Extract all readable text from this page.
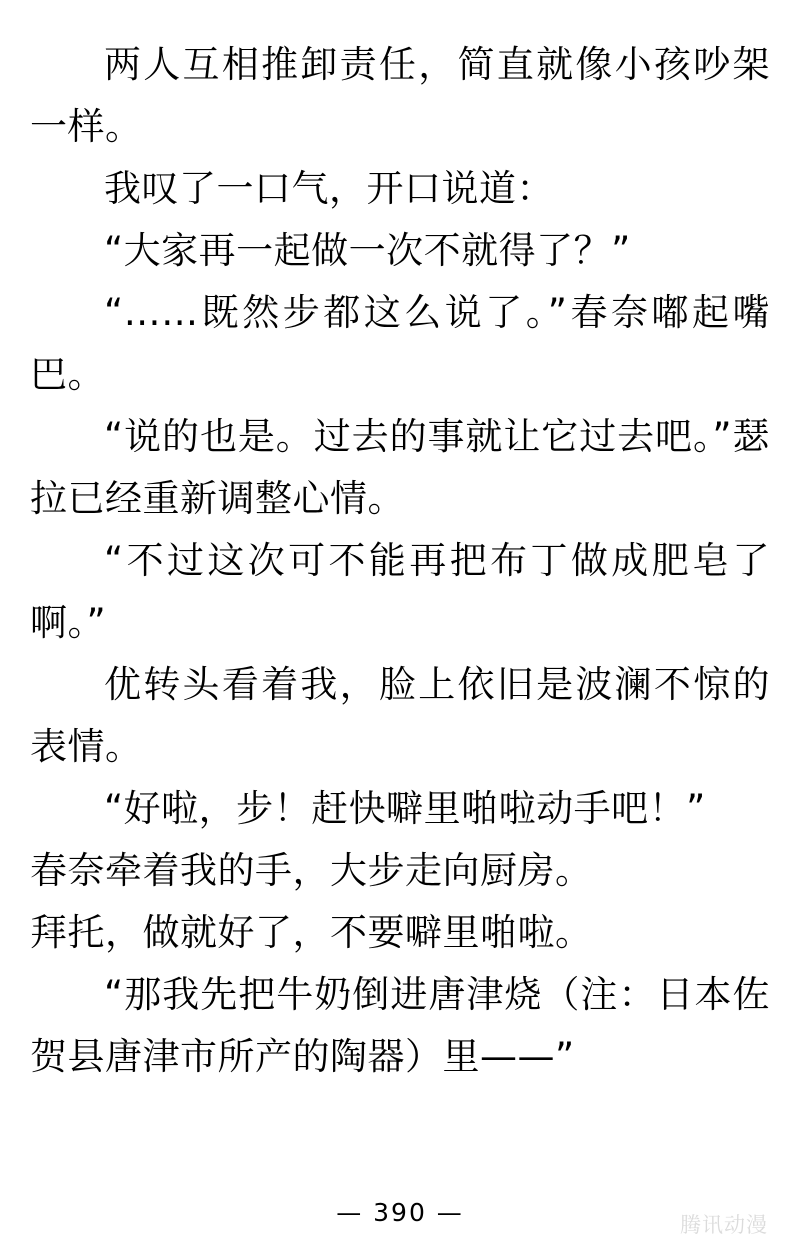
两人互相推卸责任，简直就像小孩吵架一样。

我叹了一口气，开口说道：

“大家再一起做一次不就得了？”

“……既然步都这么说了。”春奈嘟起嘴巴。

“说的也是。过去的事就让它过去吧。”瑟拉已经重新调整心情。

“不过这次可不能再把布丁做成肥皂了啊。”

优转头看着我，脸上依旧是波澜不惊的表情。

“好啦，步！赶快噼里啪啦动手吧！”

春奈牵着我的手，大步走向厨房。

拜托，做就好了，不要噼里啪啦。

“那我先把牛奶倒进唐津烧（注：日本佐贺县唐津市所产的陶器）里——”

— 390 —	腾讯动漫
